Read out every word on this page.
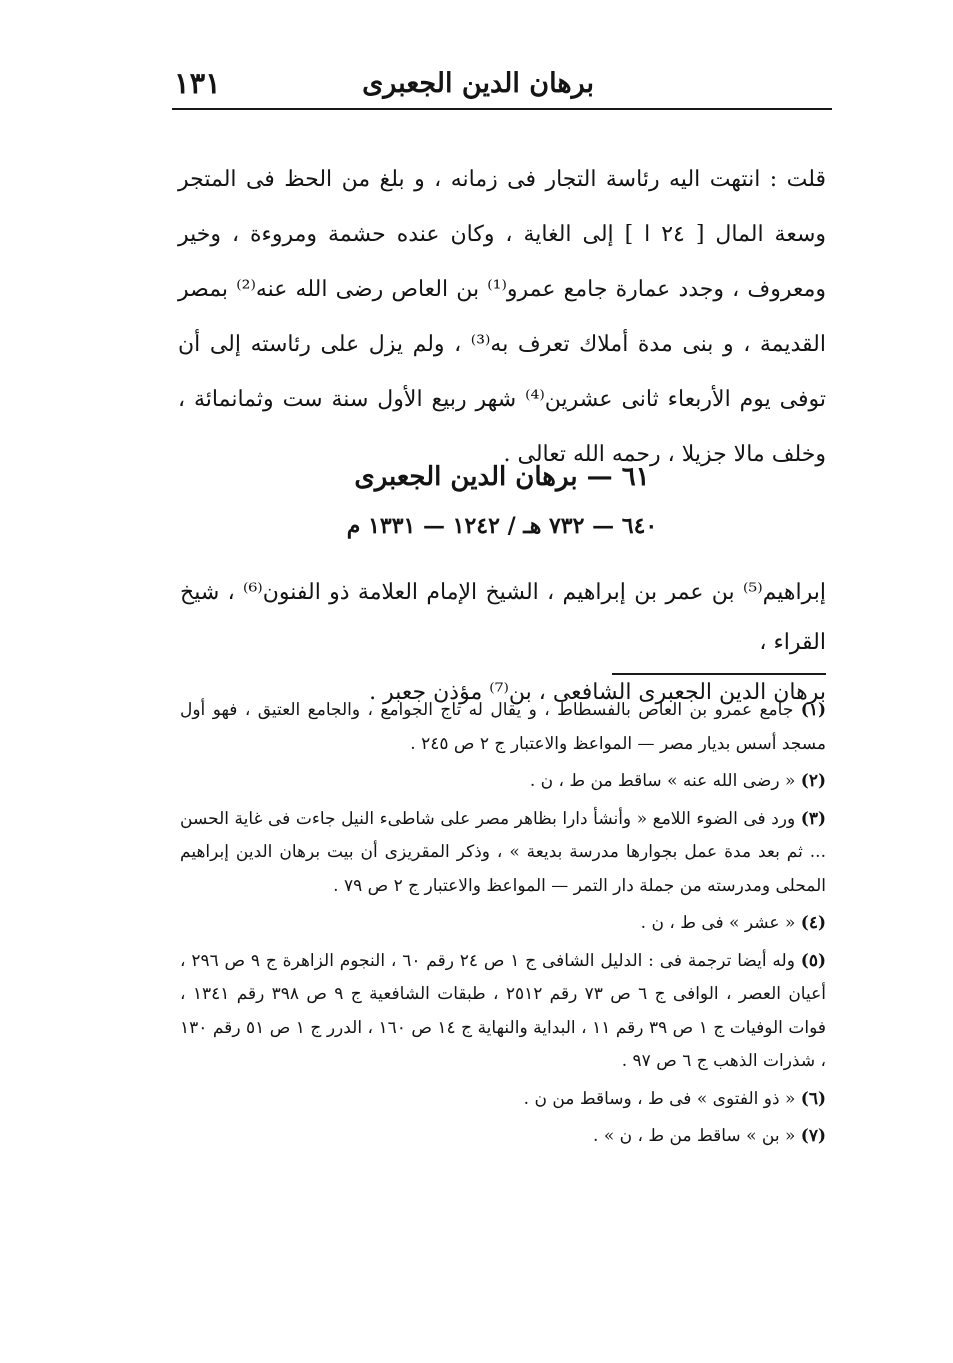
برهان الدين الجعبرى
١٣١

قلت : انتهت اليه رئاسة التجار فى زمانه ، و بلغ من الحظ فى المتجر وسعة المال [ ٢٤ ا ] إلى الغاية ، وكان عنده حشمة ومروءة ، وخير ومعروف ، وجدد عمارة جامع عمرو⁽¹⁾ بن العاص رضى الله عنه⁽²⁾ بمصر القديمة ، و بنى مدة أملاك تعرف به⁽³⁾ ، ولم يزل على رئاسته إلى أن توفى يوم الأربعاء ثانى عشرين⁽⁴⁾ شهر ربيع الأول سنة ست وثمانمائة ، وخلف مالا جزيلا ، رحمه الله تعالى .

٦١ — برهان الدين الجعبرى
٦٤٠ — ٧٣٢ هـ / ١٢٤٢ — ١٣٣١ م

إبراهيم⁽⁵⁾ بن عمر بن إبراهيم ، الشيخ الإمام العلامة ذو الفنون⁽⁶⁾ ، شيخ القراء ،

برهان الدين الجعبرى الشافعى ، بن⁽⁷⁾ مؤذن جعبر .

(١) جامع عمرو بن العاص بالفسطاط ، و يقال له تاج الجوامع ، والجامع العتيق ، فهو أول مسجد أسس بديار مصر — المواعظ والاعتبار ج ٢ ص ٢٤٥ .

(٢) « رضى الله عنه » ساقط من ط ، ن .

(٣) ورد فى الضوء اللامع « وأنشأ دارا بظاهر مصر على شاطىء النيل جاءت فى غاية الحسن ... ثم بعد مدة عمل بجوارها مدرسة بديعة » ، وذكر المقريزى أن بيت برهان الدين إبراهيم المحلى ومدرسته من جملة دار التمر — المواعظ والاعتبار ج ٢ ص ٧٩ .

(٤) « عشر » فى ط ، ن .

(٥) وله أيضا ترجمة فى : الدليل الشافى ج ١ ص ٢٤ رقم ٦٠ ، النجوم الزاهرة ج ٩ ص ٢٩٦ ، أعيان العصر ، الوافى ج ٦ ص ٧٣ رقم ٢٥١٢ ، طبقات الشافعية ج ٩ ص ٣٩٨ رقم ١٣٤١ ، فوات الوفيات ج ١ ص ٣٩ رقم ١١ ، البداية والنهاية ج ١٤ ص ١٦٠ ، الدرر ج ١ ص ٥١ رقم ١٣٠ ، شذرات الذهب ج ٦ ص ٩٧ .

(٦) « ذو الفتوى » فى ط ، وساقط من ن .

(٧) « بن » ساقط من ط ، ن » .
